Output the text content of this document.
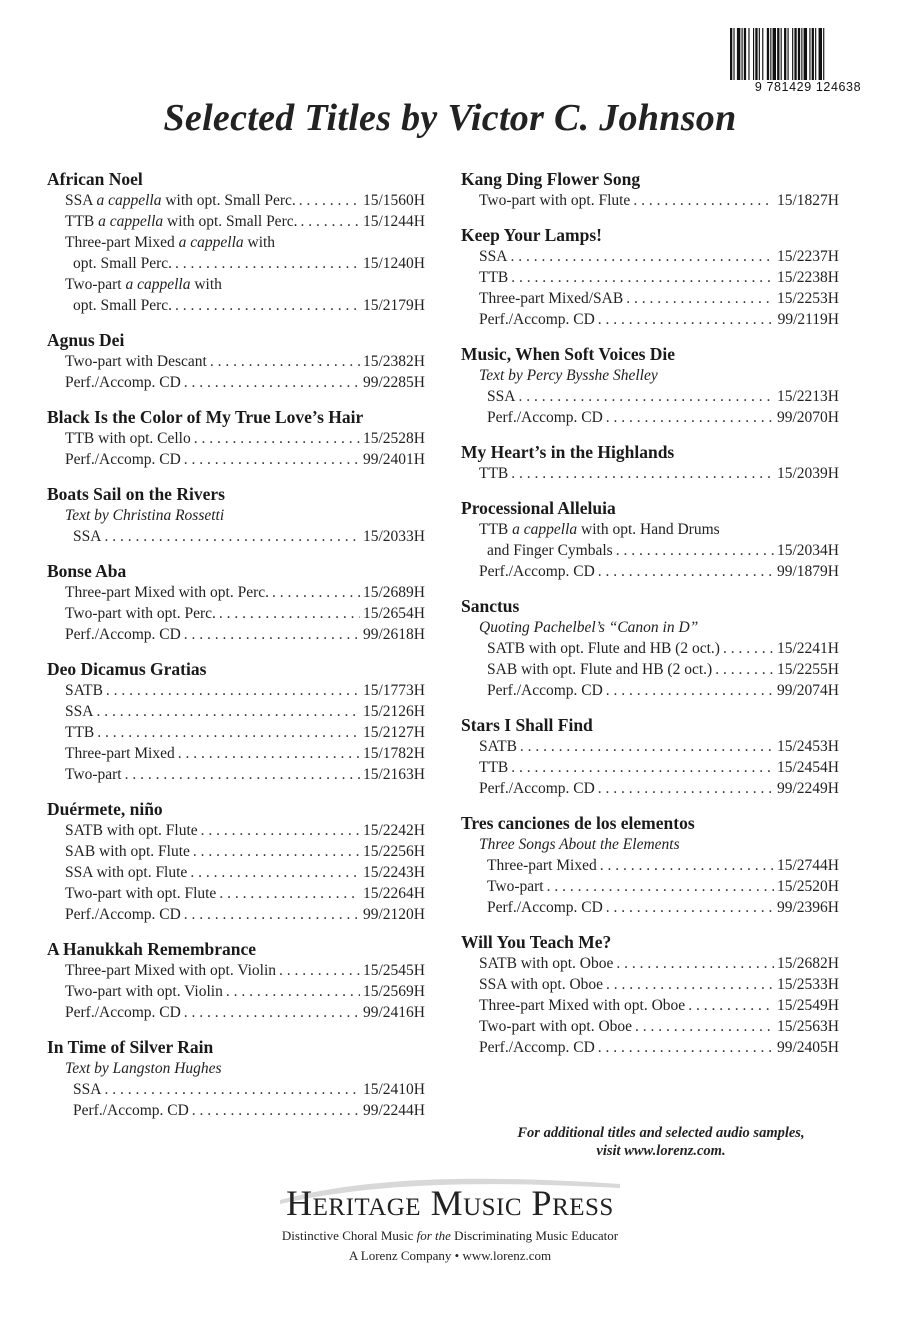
9 781429 124638
Selected Titles by Victor C. Johnson
African Noel
SSA a cappella with opt. Small Perc. . . .	15/1560H
TTB a cappella with opt. Small Perc. . . .	15/1244H
Three-part Mixed a cappella with
opt. Small Perc. . . .	15/1240H
Two-part a cappella with
opt. Small Perc. . . .	15/2179H
Agnus Dei
Two-part with Descant . . .	15/2382H
Perf./Accomp. CD . . .	99/2285H
Black Is the Color of My True Love’s Hair
TTB with opt. Cello . . .	15/2528H
Perf./Accomp. CD . . .	99/2401H
Boats Sail on the Rivers
Text by Christina Rossetti
SSA . . .	15/2033H
Bonse Aba
Three-part Mixed with opt. Perc. . . .	15/2689H
Two-part with opt. Perc. . . .	15/2654H
Perf./Accomp. CD . . .	99/2618H
Deo Dicamus Gratias
SATB . . .	15/1773H
SSA . . .	15/2126H
TTB . . .	15/2127H
Three-part Mixed . . .	15/1782H
Two-part . . .	15/2163H
Duérmete, niño
SATB with opt. Flute . . .	15/2242H
SAB with opt. Flute . . .	15/2256H
SSA with opt. Flute . . .	15/2243H
Two-part with opt. Flute . . .	15/2264H
Perf./Accomp. CD . . .	99/2120H
A Hanukkah Remembrance
Three-part Mixed with opt. Violin . . .	15/2545H
Two-part with opt. Violin . . .	15/2569H
Perf./Accomp. CD . . .	99/2416H
In Time of Silver Rain
Text by Langston Hughes
SSA . . .	15/2410H
Perf./Accomp. CD . . .	99/2244H
Kang Ding Flower Song
Two-part with opt. Flute . . .	15/1827H
Keep Your Lamps!
SSA . . .	15/2237H
TTB . . .	15/2238H
Three-part Mixed/SAB . . .	15/2253H
Perf./Accomp. CD . . .	99/2119H
Music, When Soft Voices Die
Text by Percy Bysshe Shelley
SSA . . .	15/2213H
Perf./Accomp. CD . . .	99/2070H
My Heart’s in the Highlands
TTB . . .	15/2039H
Processional Alleluia
TTB a cappella with opt. Hand Drums
and Finger Cymbals . . .	15/2034H
Perf./Accomp. CD . . .	99/1879H
Sanctus
Quoting Pachelbel’s “Canon in D”
SATB with opt. Flute and HB (2 oct.) . . .	15/2241H
SAB with opt. Flute and HB (2 oct.) . . .	15/2255H
Perf./Accomp. CD . . .	99/2074H
Stars I Shall Find
SATB . . .	15/2453H
TTB . . .	15/2454H
Perf./Accomp. CD . . .	99/2249H
Tres canciones de los elementos
Three Songs About the Elements
Three-part Mixed . . .	15/2744H
Two-part . . .	15/2520H
Perf./Accomp. CD . . .	99/2396H
Will You Teach Me?
SATB with opt. Oboe . . .	15/2682H
SSA with opt. Oboe . . .	15/2533H
Three-part Mixed with opt. Oboe . . .	15/2549H
Two-part with opt. Oboe . . .	15/2563H
Perf./Accomp. CD . . .	99/2405H
For additional titles and selected audio samples,
visit www.lorenz.com.
Heritage Music Press
Distinctive Choral Music for the Discriminating Music Educator
A Lorenz Company • www.lorenz.com
